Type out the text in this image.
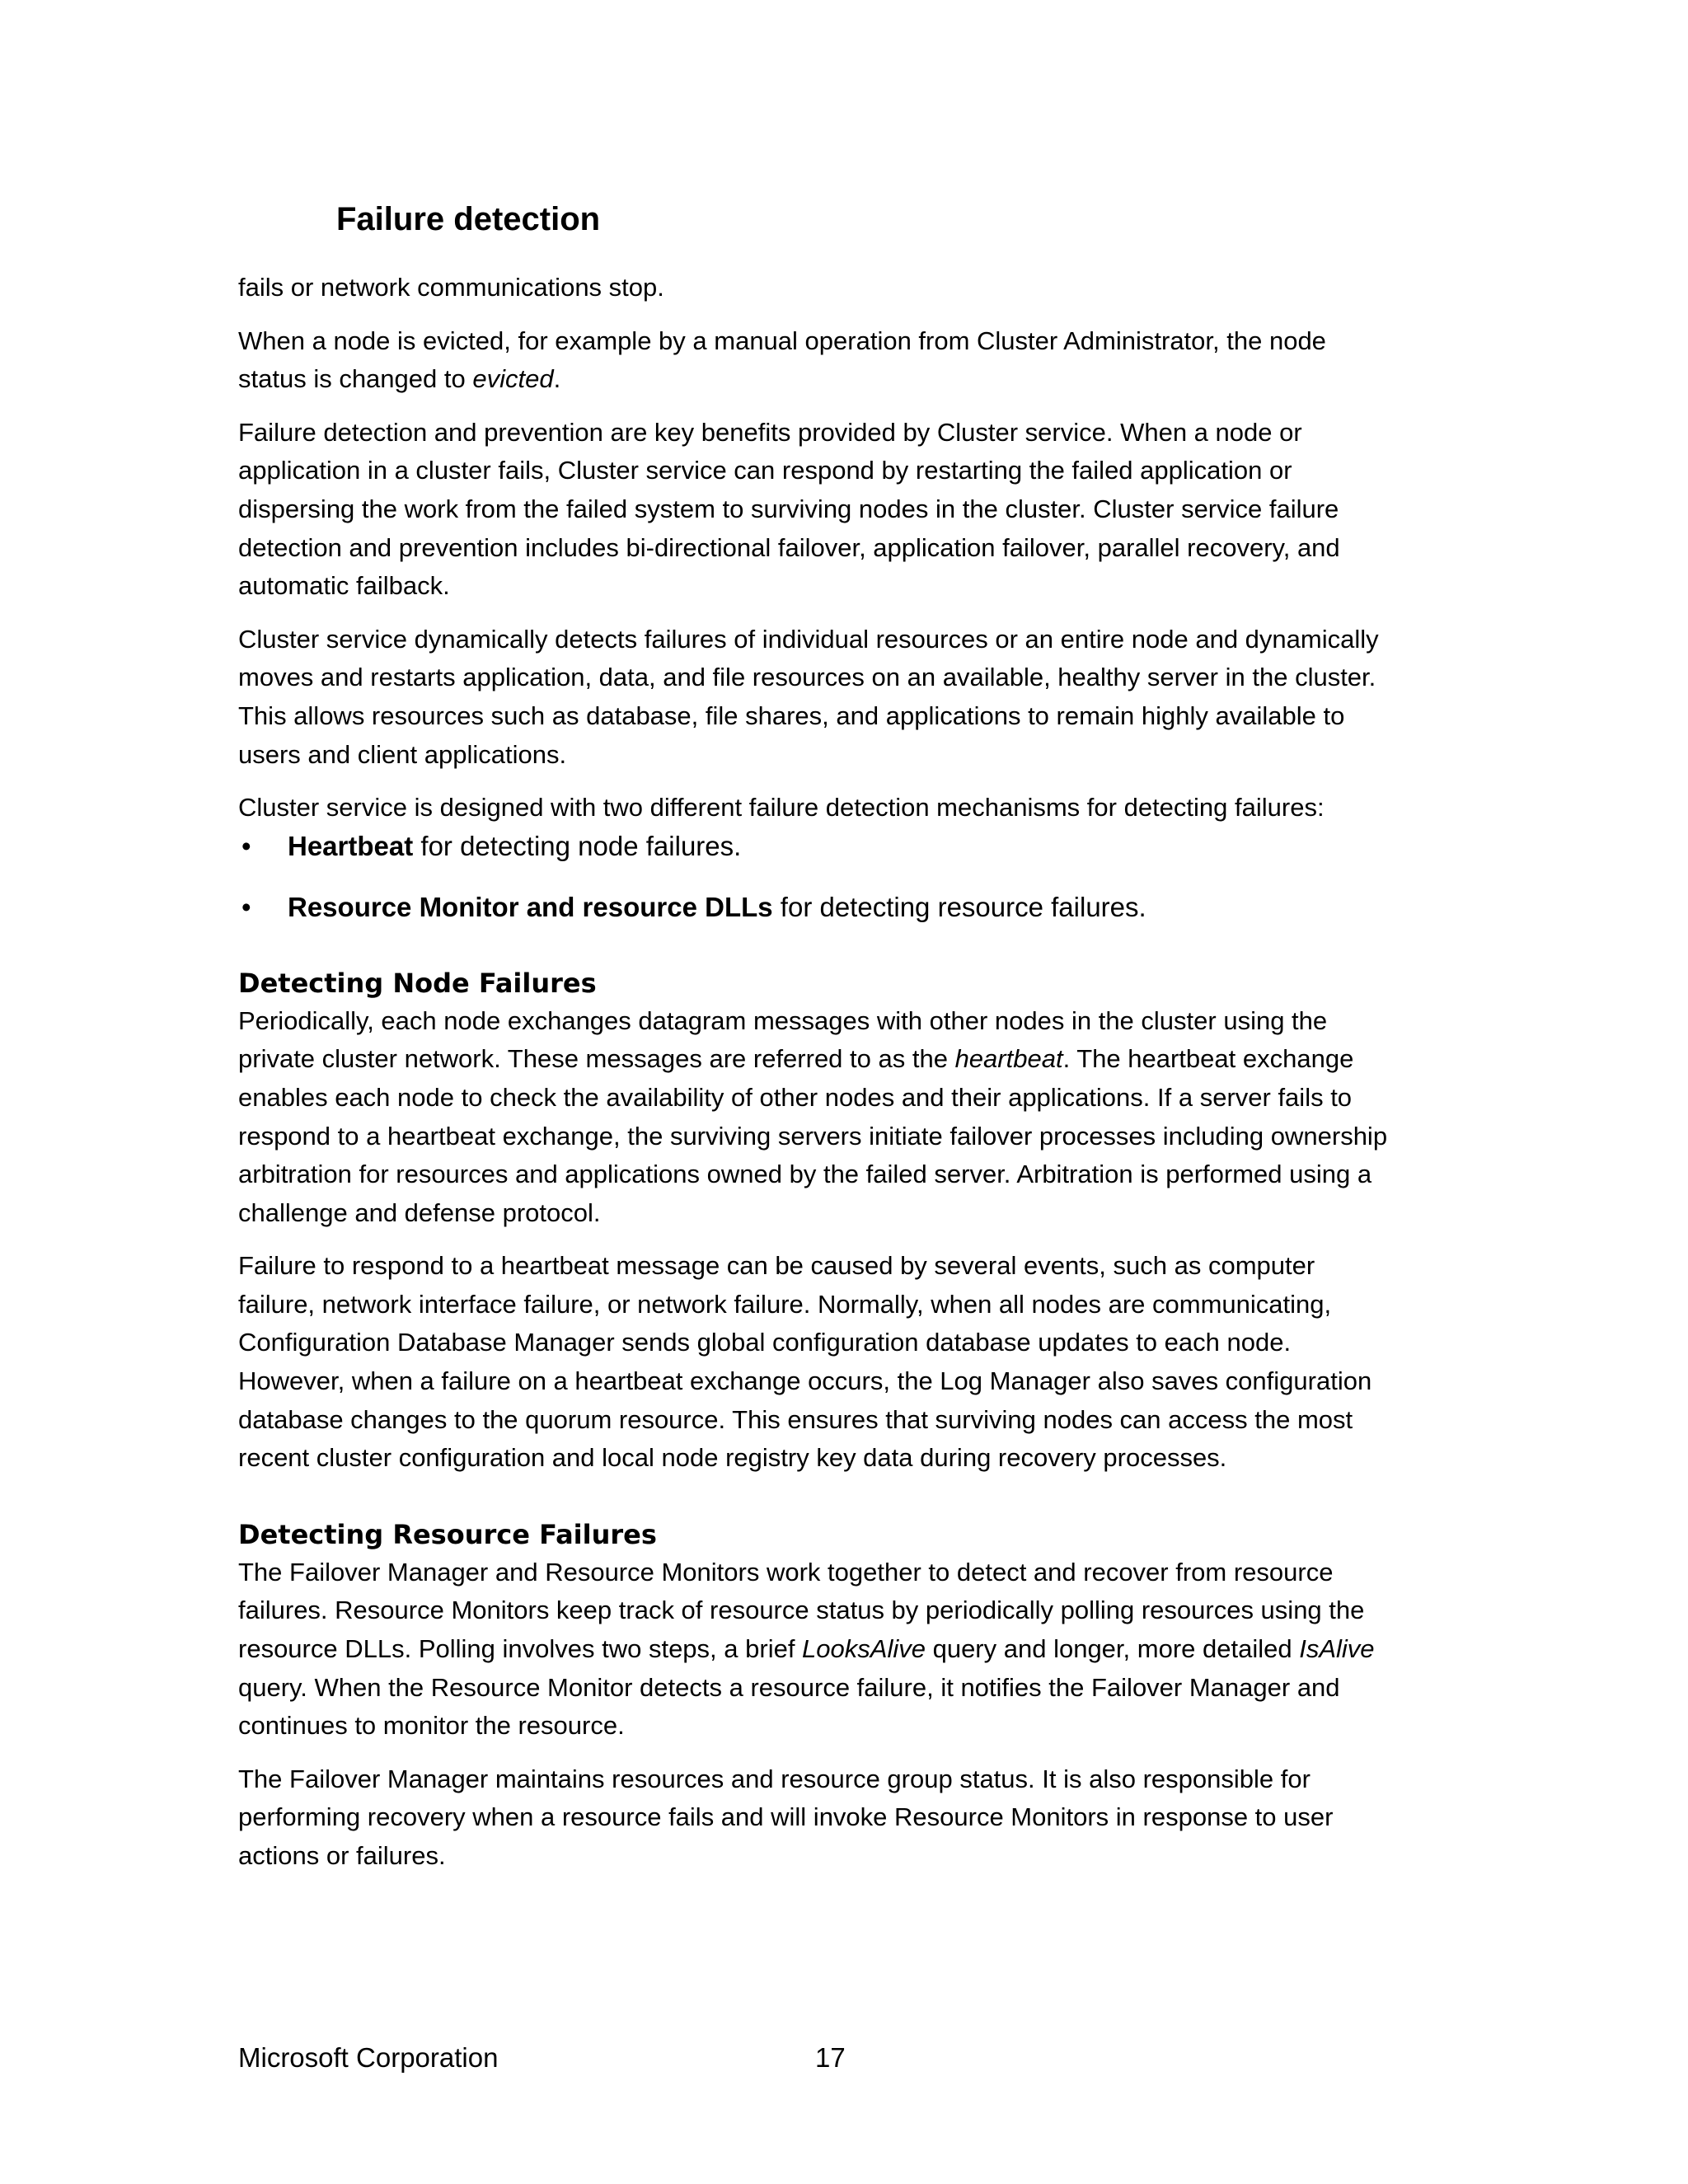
Failure detection

fails or network communications stop.

When a node is evicted, for example by a manual operation from Cluster Administrator, the node status is changed to evicted.

Failure detection and prevention are key benefits provided by Cluster service. When a node or application in a cluster fails, Cluster service can respond by restarting the failed application or dispersing the work from the failed system to surviving nodes in the cluster. Cluster service failure detection and prevention includes bi-directional failover, application failover, parallel recovery, and automatic failback.

Cluster service dynamically detects failures of individual resources or an entire node and dynamically moves and restarts application, data, and file resources on an available, healthy server in the cluster. This allows resources such as database, file shares, and applications to remain highly available to users and client applications.

Cluster service is designed with two different failure detection mechanisms for detecting failures:

• Heartbeat for detecting node failures.
• Resource Monitor and resource DLLs for detecting resource failures.
Detecting Node Failures

Periodically, each node exchanges datagram messages with other nodes in the cluster using the private cluster network. These messages are referred to as the heartbeat. The heartbeat exchange enables each node to check the availability of other nodes and their applications. If a server fails to respond to a heartbeat exchange, the surviving servers initiate failover processes including ownership arbitration for resources and applications owned by the failed server. Arbitration is performed using a challenge and defense protocol.

Failure to respond to a heartbeat message can be caused by several events, such as computer failure, network interface failure, or network failure. Normally, when all nodes are communicating, Configuration Database Manager sends global configuration database updates to each node. However, when a failure on a heartbeat exchange occurs, the Log Manager also saves configuration database changes to the quorum resource. This ensures that surviving nodes can access the most recent cluster configuration and local node registry key data during recovery processes.

Detecting Resource Failures

The Failover Manager and Resource Monitors work together to detect and recover from resource failures. Resource Monitors keep track of resource status by periodically polling resources using the resource DLLs. Polling involves two steps, a brief LooksAlive query and longer, more detailed IsAlive query. When the Resource Monitor detects a resource failure, it notifies the Failover Manager and continues to monitor the resource.

The Failover Manager maintains resources and resource group status. It is also responsible for performing recovery when a resource fails and will invoke Resource Monitors in response to user actions or failures.

Microsoft Corporation	17
